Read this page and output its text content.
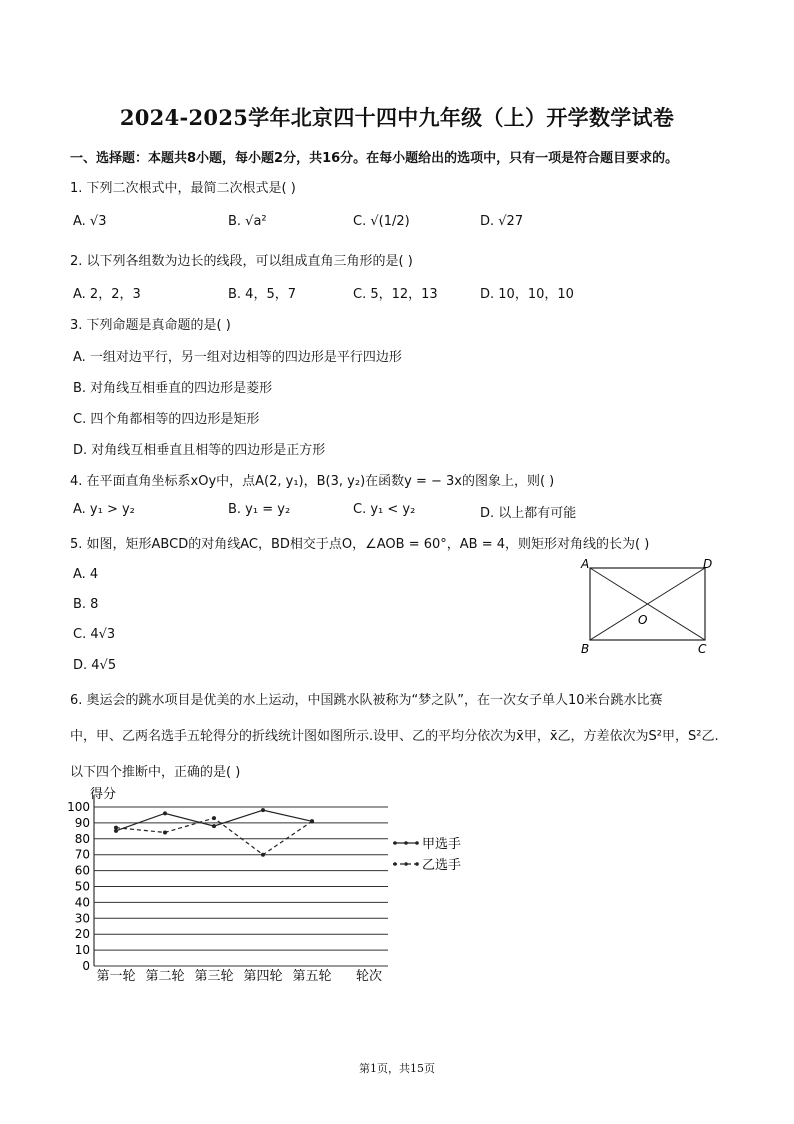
2024-2025学年北京四十四中九年级（上）开学数学试卷
一、选择题：本题共8小题，每小题2分，共16分。在每小题给出的选项中，只有一项是符合题目要求的。
1. 下列二次根式中，最简二次根式是( )
A. √3	B. √a²	C. √(1/2)	D. √27
2. 以下列各组数为边长的线段，可以组成直角三角形的是( )
A. 2，2，3	B. 4，5，7	C. 5，12，13	D. 10，10，10
3. 下列命题是真命题的是( )
A. 一组对边平行，另一组对边相等的四边形是平行四边形
B. 对角线互相垂直的四边形是菱形
C. 四个角都相等的四边形是矩形
D. 对角线互相垂直且相等的四边形是正方形
4. 在平面直角坐标系xOy中，点A(2, y₁)，B(3, y₂)在函数y = − 3x的图象上，则( )
A. y₁ > y₂	B. y₁ = y₂	C. y₁ < y₂	D. 以上都有可能
5. 如图，矩形ABCD的对角线AC，BD相交于点O，∠AOB = 60°，AB = 4，则矩形对角线的长为( )
A. 4
B. 8
C. 4√3
D. 4√5
A	D
B	C
O
6. 奥运会的跳水项目是优美的水上运动，中国跳水队被称为“梦之队”，在一次女子单人10米台跳水比赛
中，甲、乙两名选手五轮得分的折线统计图如图所示.设甲、乙的平均分依次为x̄甲，x̄乙，方差依次为S²甲，S²乙.
以下四个推断中，正确的是( )
0
10
20
30
40
50
60
70
80
90
100
第一轮 第二轮 第三轮 第四轮 第五轮
甲选手
乙选手
得分
轮次
第1页，共15页
